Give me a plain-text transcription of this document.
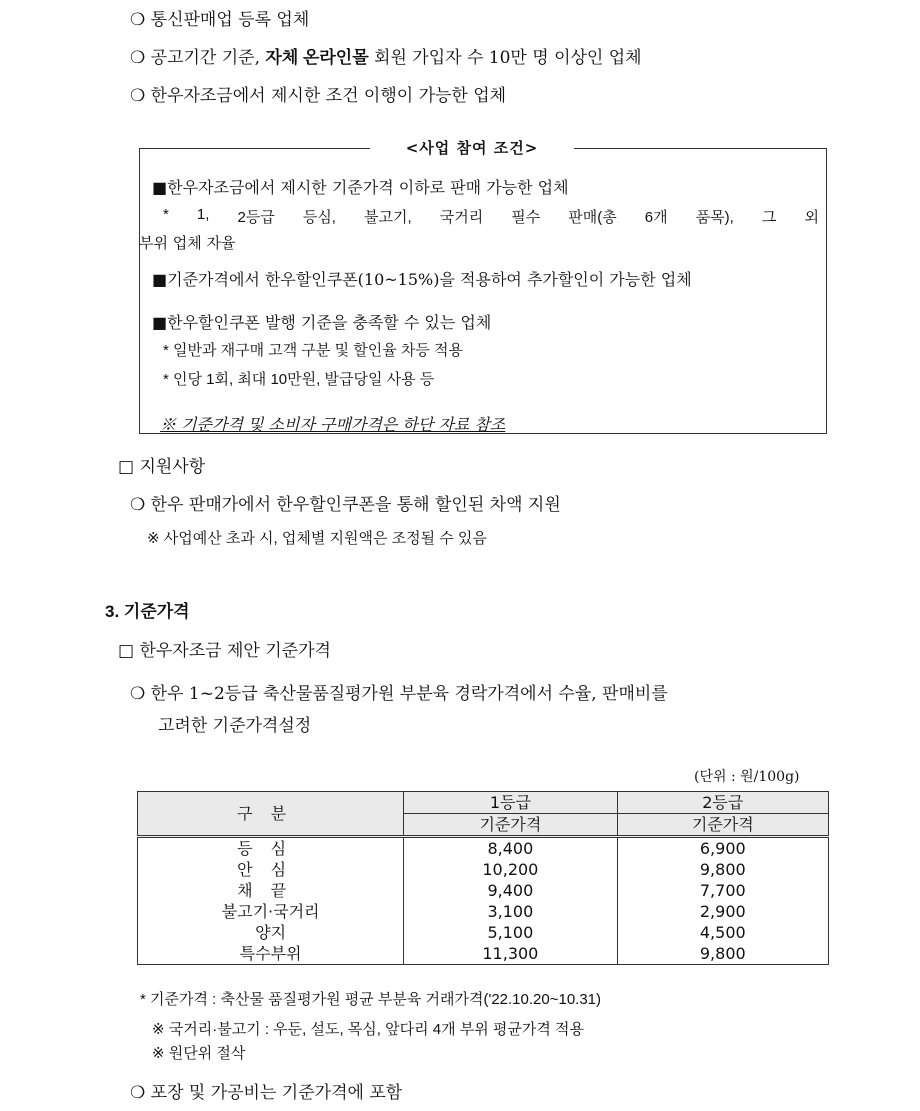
❍ 통신판매업 등록 업체
❍ 공고기간 기준, 자체 온라인몰 회원 가입자 수 10만 명 이상인 업체
❍ 한우자조금에서 제시한 조건 이행이 가능한 업체
<사업 참여 조건>
■한우자조금에서 제시한 기준가격 이하로 판매 가능한 업체
* 1, 2등급 등심, 불고기, 국거리 필수 판매(총 6개 품목), 그 외
부위 업체 자율
■기준가격에서 한우할인쿠폰(10~15%)을 적용하여 추가할인이 가능한 업체
■한우할인쿠폰 발행 기준을 충족할 수 있는 업체
* 일반과 재구매 고객 구분 및 할인율 차등 적용
* 인당 1회, 최대 10만원, 발급당일 사용 등
※ 기준가격 및 소비자 구매가격은 하단 자료 참조
□ 지원사항
❍ 한우 판매가에서 한우할인쿠폰을 통해 할인된 차액 지원
※ 사업예산 초과 시, 업체별 지원액은 조정될 수 있음
3. 기준가격
□ 한우자조금 제안 기준가격
❍ 한우 1~2등급 축산물품질평가원 부분육 경락가격에서 수율, 판매비를
고려한 기준가격설정
(단위 : 원/100g)
구분	1등급	2등급
	기준가격	기준가격
등심	8,400	6,900
안심	10,200	9,800
채끝	9,400	7,700
불고기·국거리	3,100	2,900
양지	5,100	4,500
특수부위	11,300	9,800
* 기준가격 : 축산물 품질평가원 평균 부분육 거래가격('22.10.20~10.31)
※ 국거리·불고기 : 우둔, 설도, 목심, 앞다리 4개 부위 평균가격 적용
※ 원단위 절삭
❍ 포장 및 가공비는 기준가격에 포함
